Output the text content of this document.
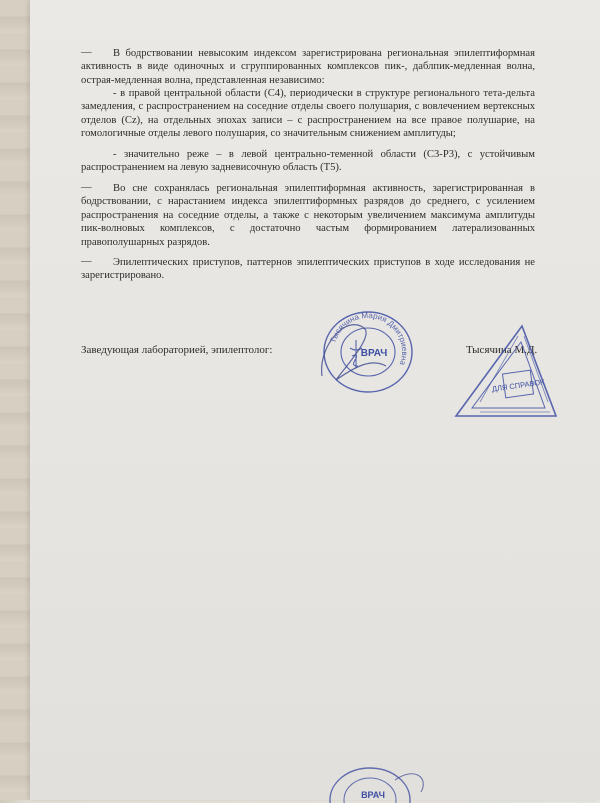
—	В бодрствовании невысоким индексом зарегистрирована региональная эпилептиформная активность в виде одиночных и сгруппированных комплексов пик-, даблпик-медленная волна, острая-медленная волна, представленная независимо:
- в правой центральной области (C4), периодически в структуре регионального тета-дельта замедления, с распространением на соседние отделы своего полушария, с вовлечением вертексных отделов (Cz), на отдельных эпохах записи – с распространением на все правое полушарие, на гомологичные отделы левого полушария, со значительным снижением амплитуды;
- значительно реже – в левой центрально-теменной области (C3-P3), с устойчивым распространением на левую задневисочную область (T5).
—	Во сне сохранялась региональная эпилептиформная активность, зарегистрированная в бодрствовании, с нарастанием индекса эпилептиформных разрядов до среднего, с усилением распространения на соседние отделы, а также с некоторым увеличением максимума амплитуды пик-волновых комплексов, с достаточно частым формированием латерализованных правополушарных разрядов.
—	Эпилептических приступов, паттернов эпилептических приступов в ходе исследования не зарегистрировано.
Заведующая лабораторией, эпилептолог:	Тысячина М.Д.
Тысячина Мария Дмитриевна
ВРАЧ
ДЛЯ СПРАВОК
ВРАЧ
